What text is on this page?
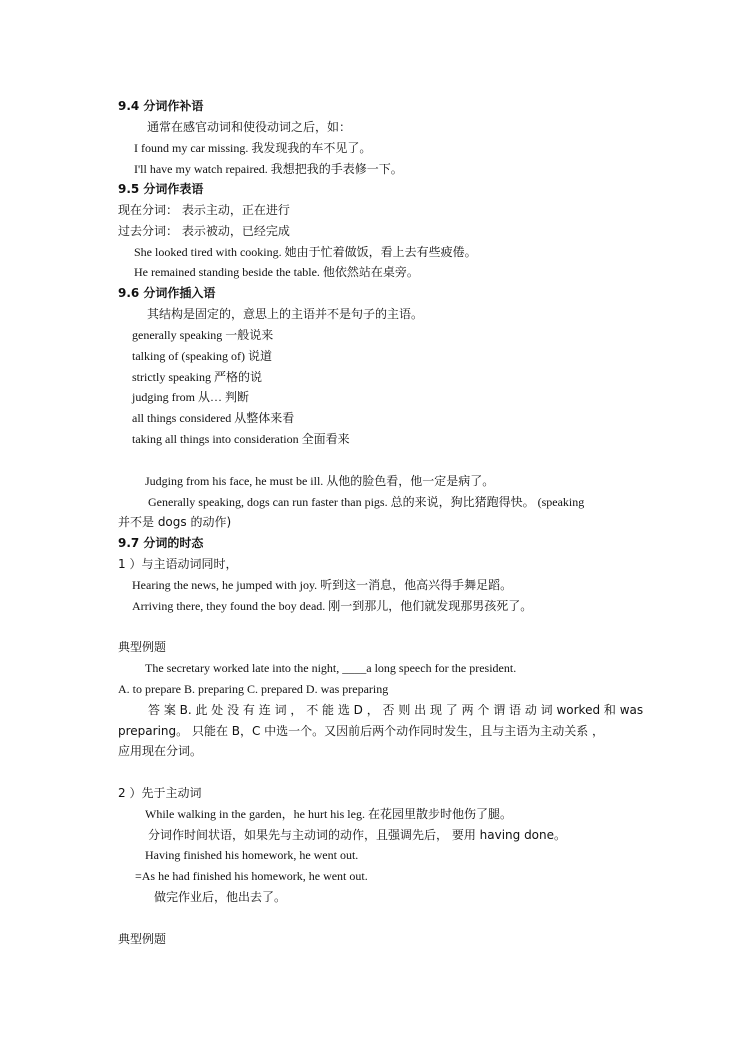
9.4 分词作补语
通常在感官动词和使役动词之后，如：
I found my car missing. 我发现我的车不见了。
I'll have my watch repaired. 我想把我的手表修一下。
9.5 分词作表语
现在分词： 表示主动，正在进行
过去分词： 表示被动，已经完成
She looked tired with cooking. 她由于忙着做饭，看上去有些疲倦。
He remained standing beside the table. 他依然站在桌旁。
9.6 分词作插入语
其结构是固定的，意思上的主语并不是句子的主语。
generally speaking 一般说来
talking of (speaking of) 说道
strictly speaking 严格的说
judging from 从… 判断
all things considered 从整体来看
taking all things into consideration 全面看来
Judging from his face, he must be ill. 从他的脸色看，他一定是病了。
Generally speaking, dogs can run faster than pigs. 总的来说，狗比猪跑得快。 (speaking
并不是 dogs 的动作)
9.7 分词的时态
1 ）与主语动词同时，
Hearing the news, he jumped with joy. 听到这一消息，他高兴得手舞足蹈。
Arriving there, they found the boy dead. 刚一到那儿，他们就发现那男孩死了。
典型例题
The secretary worked late into the night, ____a long speech for the president.
A. to prepare B. preparing C. prepared D. was preparing
答 案 B. 此 处 没 有 连 词 ， 不 能 选 D ， 否 则 出 现 了 两 个 谓 语 动 词 worked 和 was
preparing。 只能在 B，C 中选一个。又因前后两个动作同时发生，且与主语为主动关系 ，
应用现在分词。
2 ）先于主动词
While walking in the garden，he hurt his leg. 在花园里散步时他伤了腿。
分词作时间状语，如果先与主动词的动作，且强调先后， 要用 having done。
Having finished his homework, he went out.
=As he had finished his homework, he went out.
做完作业后，他出去了。
典型例题
